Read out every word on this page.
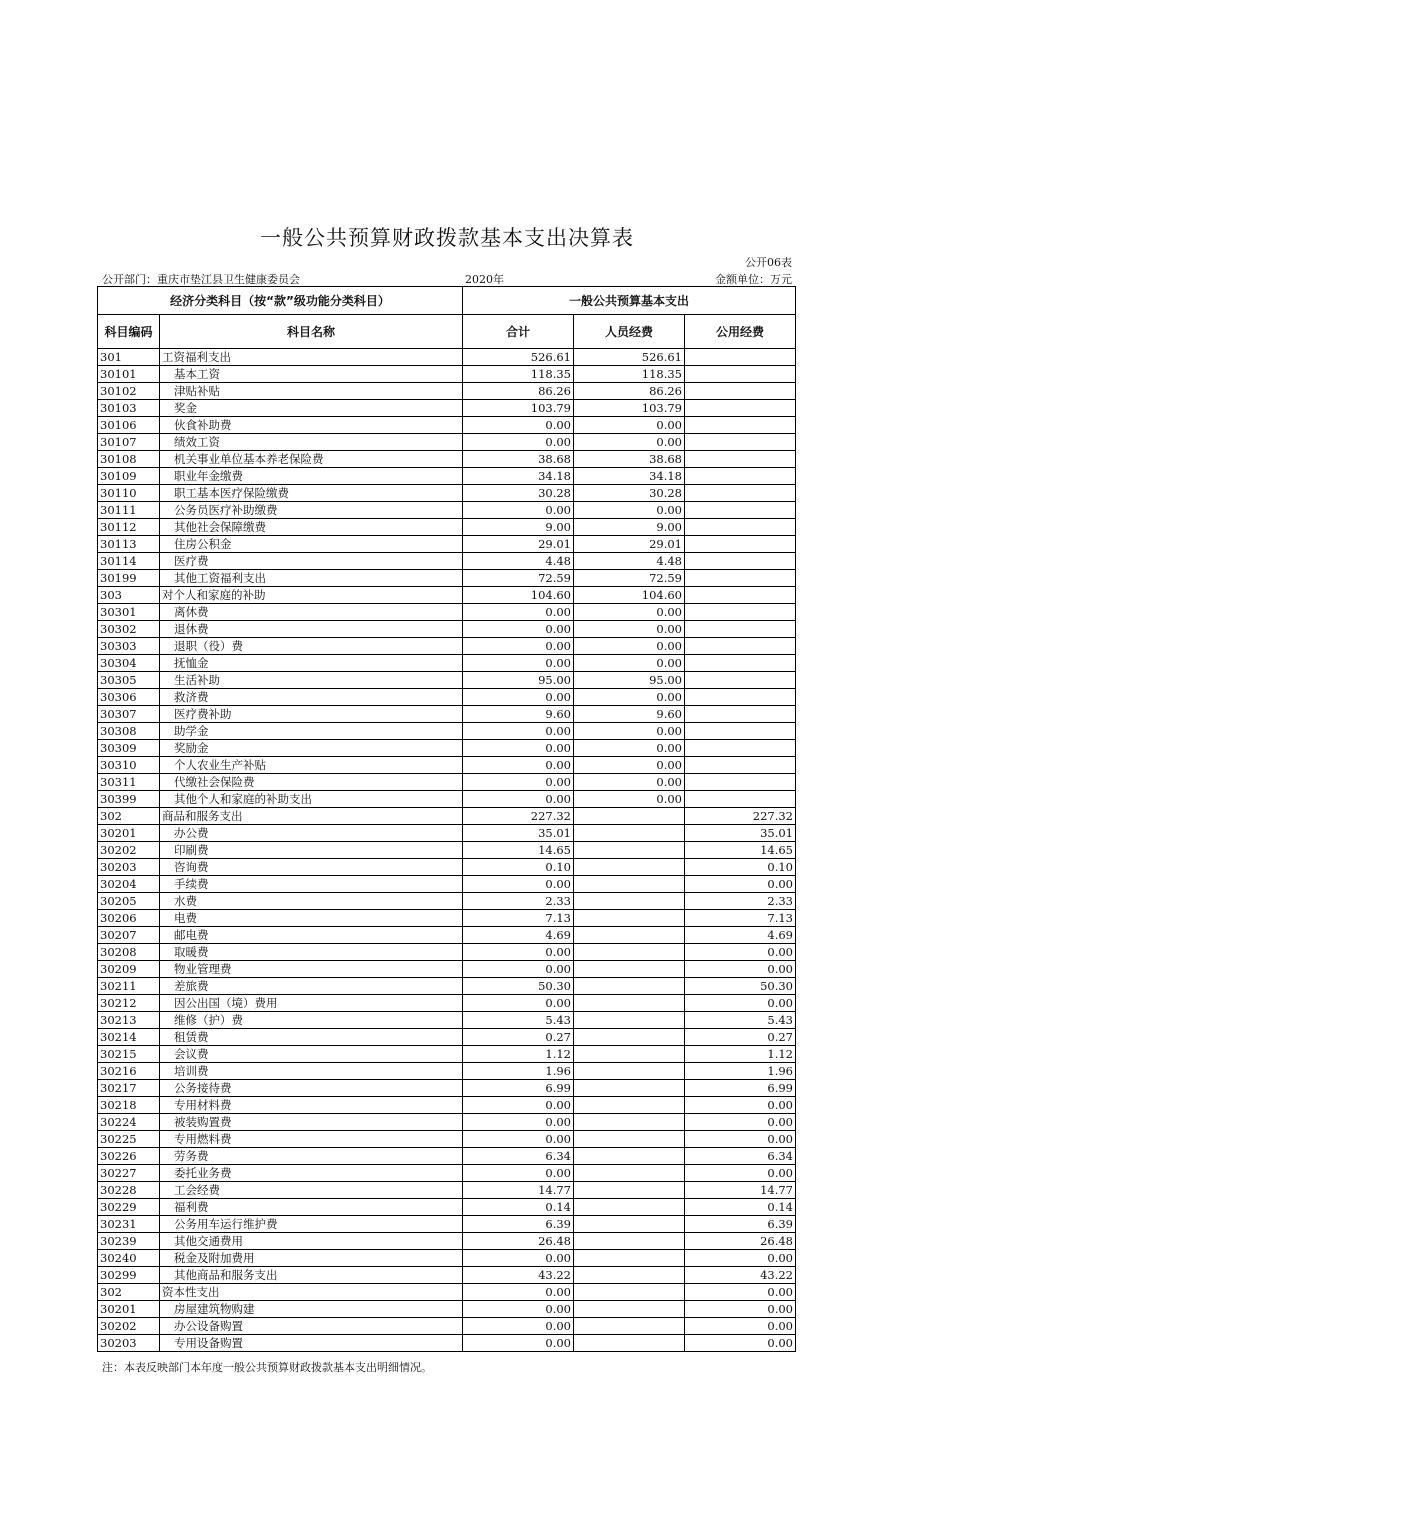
一般公共预算财政拨款基本支出决算表
公开06表
公开部门：重庆市垫江县卫生健康委员会	2020年	金额单位：万元
经济分类科目（按“款”级功能分类科目）		一般公共预算基本支出		
科目编码	科目名称	合计	人员经费	公用经费
301	工资福利支出	526.61	526.61	
30101	基本工资	118.35	118.35	
30102	津贴补贴	86.26	86.26	
30103	奖金	103.79	103.79	
30106	伙食补助费	0.00	0.00	
30107	绩效工资	0.00	0.00	
30108	机关事业单位基本养老保险费	38.68	38.68	
30109	职业年金缴费	34.18	34.18	
30110	职工基本医疗保险缴费	30.28	30.28	
30111	公务员医疗补助缴费	0.00	0.00	
30112	其他社会保障缴费	9.00	9.00	
30113	住房公积金	29.01	29.01	
30114	医疗费	4.48	4.48	
30199	其他工资福利支出	72.59	72.59	
303	对个人和家庭的补助	104.60	104.60	
30301	离休费	0.00	0.00	
30302	退休费	0.00	0.00	
30303	退职（役）费	0.00	0.00	
30304	抚恤金	0.00	0.00	
30305	生活补助	95.00	95.00	
30306	救济费	0.00	0.00	
30307	医疗费补助	9.60	9.60	
30308	助学金	0.00	0.00	
30309	奖励金	0.00	0.00	
30310	个人农业生产补贴	0.00	0.00	
30311	代缴社会保险费	0.00	0.00	
30399	其他个人和家庭的补助支出	0.00	0.00	
302	商品和服务支出	227.32		227.32
30201	办公费	35.01		35.01
30202	印刷费	14.65		14.65
30203	咨询费	0.10		0.10
30204	手续费	0.00		0.00
30205	水费	2.33		2.33
30206	电费	7.13		7.13
30207	邮电费	4.69		4.69
30208	取暖费	0.00		0.00
30209	物业管理费	0.00		0.00
30211	差旅费	50.30		50.30
30212	因公出国（境）费用	0.00		0.00
30213	维修（护）费	5.43		5.43
30214	租赁费	0.27		0.27
30215	会议费	1.12		1.12
30216	培训费	1.96		1.96
30217	公务接待费	6.99		6.99
30218	专用材料费	0.00		0.00
30224	被装购置费	0.00		0.00
30225	专用燃料费	0.00		0.00
30226	劳务费	6.34		6.34
30227	委托业务费	0.00		0.00
30228	工会经费	14.77		14.77
30229	福利费	0.14		0.14
30231	公务用车运行维护费	6.39		6.39
30239	其他交通费用	26.48		26.48
30240	税金及附加费用	0.00		0.00
30299	其他商品和服务支出	43.22		43.22
302	资本性支出	0.00		0.00
30201	房屋建筑物购建	0.00		0.00
30202	办公设备购置	0.00		0.00
30203	专用设备购置	0.00		0.00
注：本表反映部门本年度一般公共预算财政拨款基本支出明细情况。
